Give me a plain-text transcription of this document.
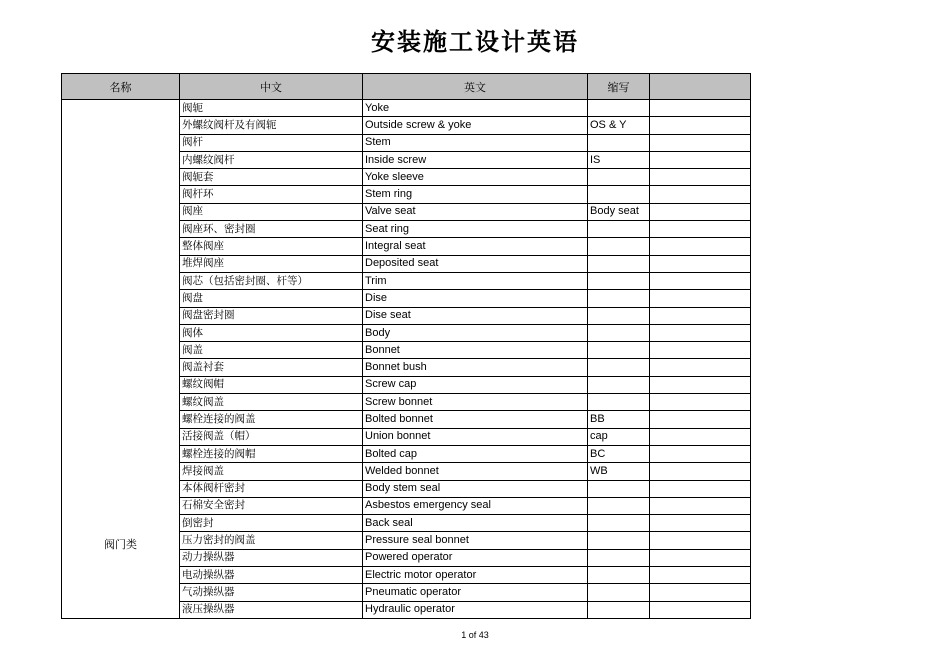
安装施工设计英语
名称	中文	英文	缩写	

阀门类	阀轭	Yoke		
	外螺纹阀杆及有阀轭	Outside screw & yoke	OS & Y	
	阀杆	Stem		
	内螺纹阀杆	Inside screw	IS	
	阀轭套	Yoke sleeve		
	阀杆环	Stem ring		
	阀座	Valve seat	Body seat	
	阀座环、密封圈	Seat ring		
	整体阀座	Integral seat		
	堆焊阀座	Deposited seat		
	阀芯（包括密封圈、杆等）	Trim		
	阀盘	Dise		
	阀盘密封圈	Dise seat		
	阀体	Body		
	阀盖	Bonnet		
	阀盖衬套	Bonnet bush		
	螺纹阀帽	Screw cap		
	螺纹阀盖	Screw bonnet		
	螺栓连接的阀盖	Bolted bonnet	BB	
	活接阀盖（帽）	Union bonnet	cap	
	螺栓连接的阀帽	Bolted cap	BC	
	焊接阀盖	Welded bonnet	WB	
	本体阀杆密封	Body stem seal		
	石棉安全密封	Asbestos emergency seal		
	倒密封	Back seal		
	压力密封的阀盖	Pressure seal bonnet		
	动力操纵器	Powered operator		
	电动操纵器	Electric motor operator		
	气动操纵器	Pneumatic operator		
	液压操纵器	Hydraulic operator		
1 of 43
